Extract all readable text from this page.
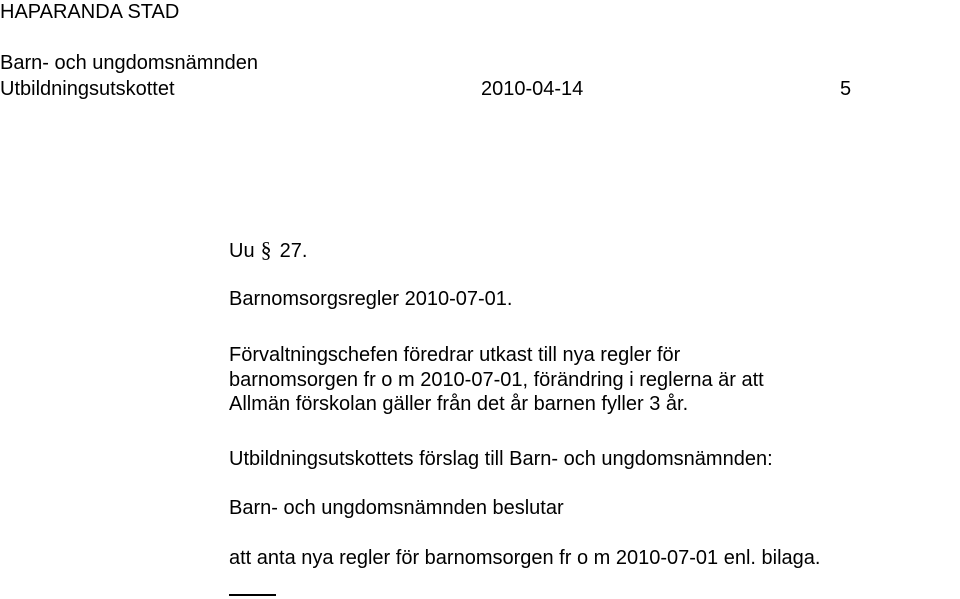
HAPARANDA STAD
Barn- och ungdomsnämnden
Utbildningsutskottet	2010-04-14	5
Uu § 27.
Barnomsorgsregler 2010-07-01.

Förvaltningschefen föredrar utkast till nya regler för barnomsorgen fr o m 2010-07-01, förändring i reglerna är att Allmän förskolan gäller från det år barnen fyller 3 år.

Utbildningsutskottets förslag till Barn- och ungdomsnämnden:
Barn- och ungdomsnämnden beslutar
att anta nya regler för barnomsorgen fr o m 2010-07-01 enl. bilaga.
